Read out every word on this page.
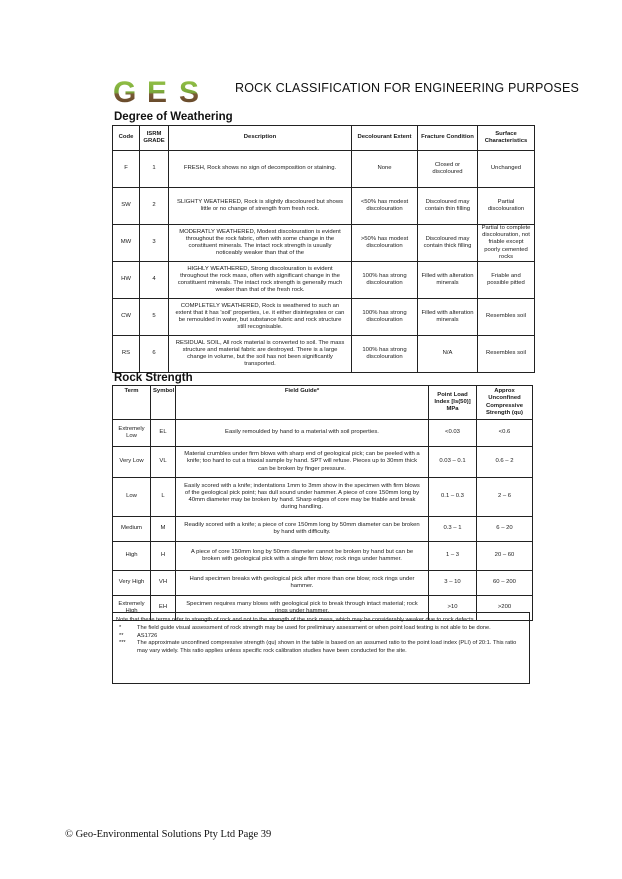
G E S	ROCK CLASSIFICATION FOR ENGINEERING PURPOSES
Degree of Weathering
Code	ISRM GRADE	Description	Decolourant Extent	Fracture Condition	Surface Characteristics
F	1	FRESH, Rock shows no sign of decomposition or staining.	None	Closed or discoloured	Unchanged
SW	2	SLIGHTY WEATHERED, Rock is slightly discoloured but shows little or no change of strength from fresh rock.	<50% has modest discolouration	Discoloured may contain thin filling	Partial discolouration
MW	3	MODERATLY WEATHERED, Modest discolouration is evident throughout the rock fabric, often with some change in the constituent minerals. The intact rock strength is usually noticeably weaker than that of the	>50% has modest discolouration	Discoloured may contain thick filling	Partial to complete discolouration, not friable except poorly cemented rocks
HW	4	HIGHLY WEATHERED, Strong discolouration is evident throughout the rock mass, often with significant change in the constituent minerals. The intact rock strength is generally much weaker than that of the fresh rock.	100% has strong discolouration	Filled with alteration minerals	Friable and possible pitted
CW	5	COMPLETELY WEATHERED, Rock is weathered to such an extent that it has 'soil' properties, i.e. it either disintegrates or can be remoulded in water, but substance fabric and rock structure still recognisable.	100% has strong discolouration	Filled with alteration minerals	Resembles soil
RS	6	RESIDUAL SOIL, All rock material is converted to soil. The mass structure and material fabric are destroyed. There is a large change in volume, but the soil has not been significantly transported.	100% has strong discolouration	N/A	Resembles soil
Rock Strength
Term	Symbol	Field Guide*	Point Load Index [Is(50)] MPa	Approx Unconfined Compressive Strength (qu)
Extremely Low	EL	Easily remoulded by hand to a material with soil properties.	<0.03	<0.6
Very Low	VL	Material crumbles under firm blows with sharp end of geological pick; can be peeled with a knife; too hard to cut a triaxial sample by hand. SPT will refuse. Pieces up to 30mm thick can be broken by finger pressure.	0.03 – 0.1	0.6 – 2
Low	L	Easily scored with a knife; indentations 1mm to 3mm show in the specimen with firm blows of the geological pick point; has dull sound under hammer. A piece of core 150mm long by 40mm diameter may be broken by hand. Sharp edges of core may be friable and break during handling.	0.1 – 0.3	2 – 6
Medium	M	Readily scored with a knife; a piece of core 150mm long by 50mm diameter can be broken by hand with difficulty.	0.3 – 1	6 – 20
High	H	A piece of core 150mm long by 50mm diameter cannot be broken by hand but can be broken with geological pick with a single firm blow; rock rings under hammer.	1 – 3	20 – 60
Very High	VH	Hand specimen breaks with geological pick after more than one blow; rock rings under hammer.	3 – 10	60 – 200
Extremely High	EH	Specimen requires many blows with geological pick to break through intact material; rock rings under hammer.	>10	>200
Note that these terms refer to strength of rock and not to the strength of the rock mass, which may be considerably weaker due to rock defects.
*	The field guide visual assessment of rock strength may be used for preliminary assessment or when point load testing is not able to be done.
**	AS1726
***	The approximate unconfined compressive strength (qu) shown in the table is based on an assumed ratio to the point load index (PLI) of 20:1. This ratio may vary widely. This ratio applies unless specific rock calibration studies have been conducted for the site.
© Geo-Environmental Solutions Pty Ltd Page 39
